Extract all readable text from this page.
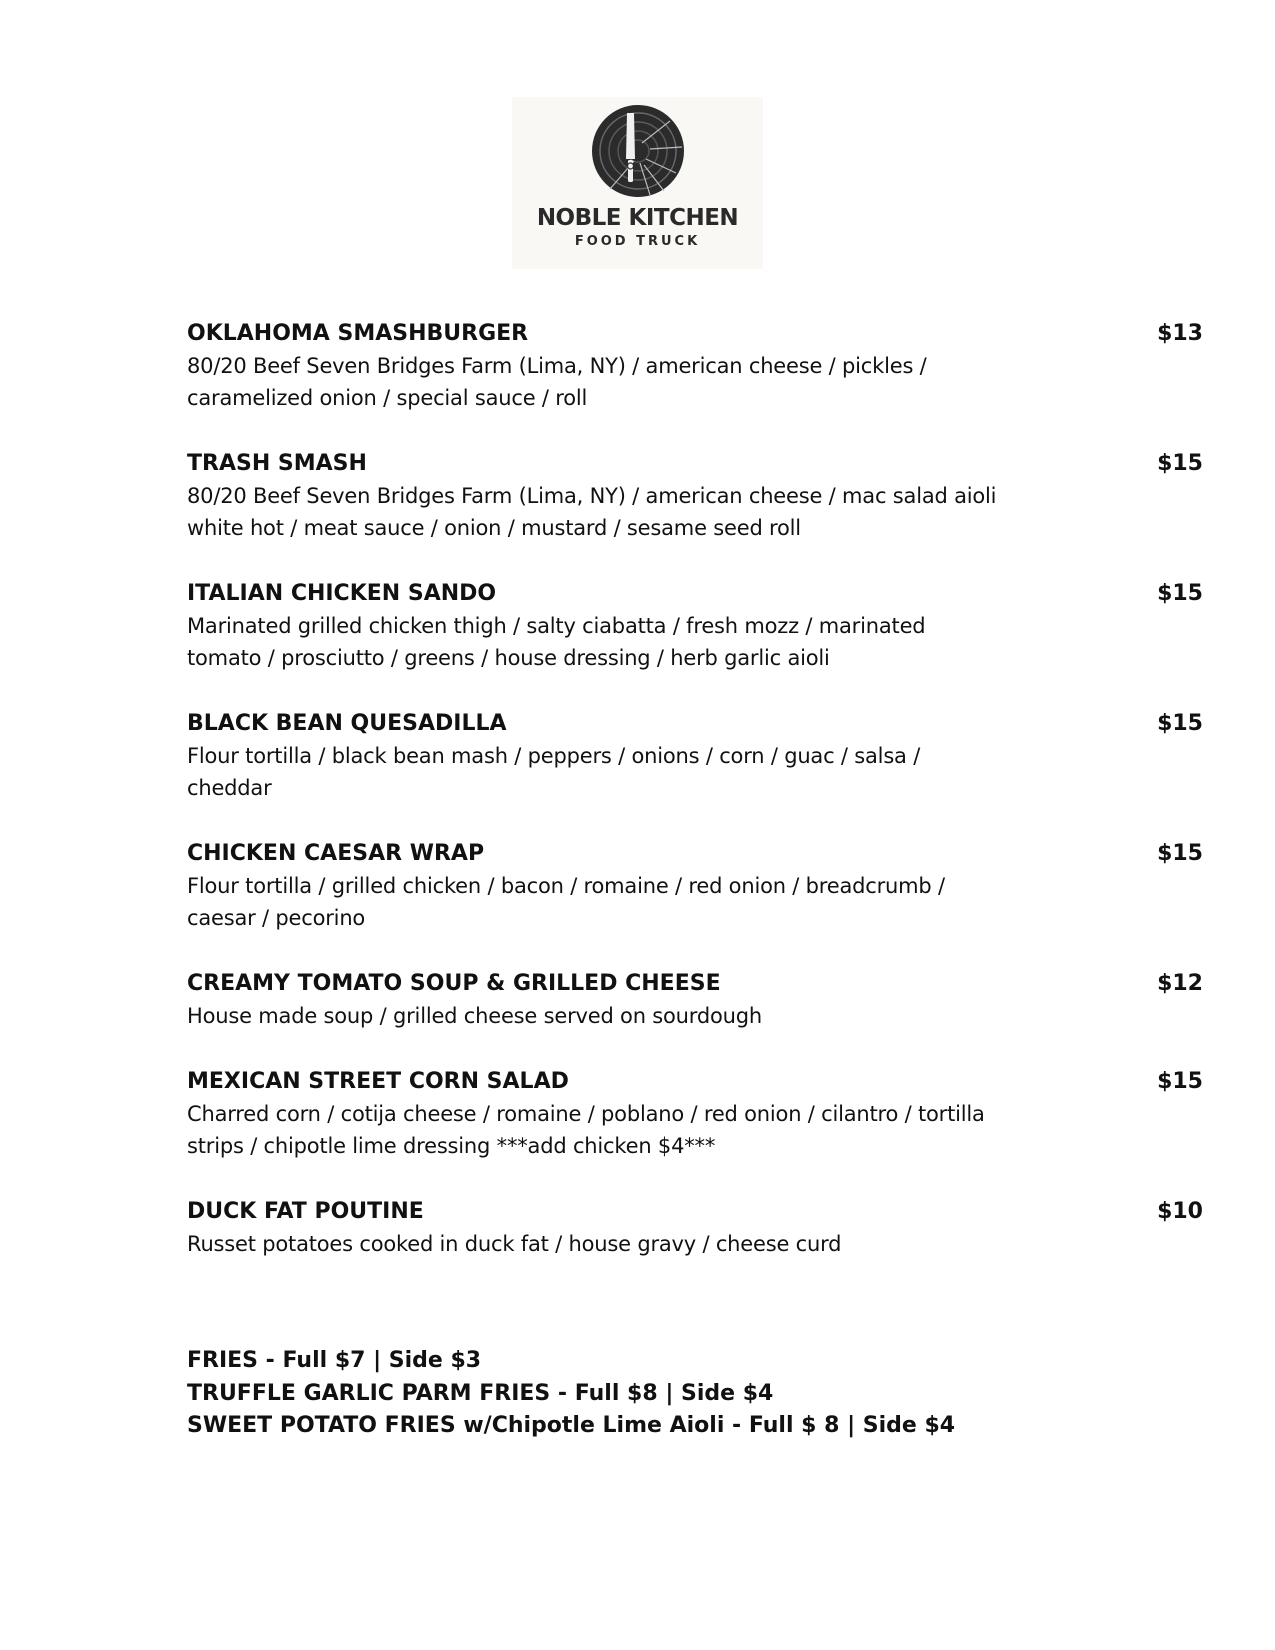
NOBLE KITCHEN
FOOD TRUCK
OKLAHOMA SMASHBURGER	$13
80/20 Beef Seven Bridges Farm (Lima, NY) / american cheese / pickles /
caramelized onion / special sauce / roll
TRASH SMASH	$15
80/20 Beef Seven Bridges Farm (Lima, NY) / american cheese / mac salad aioli
white hot / meat sauce / onion / mustard / sesame seed roll
ITALIAN CHICKEN SANDO	$15
Marinated grilled chicken thigh / salty ciabatta / fresh mozz / marinated
tomato / prosciutto / greens / house dressing / herb garlic aioli
BLACK BEAN QUESADILLA	$15
Flour tortilla / black bean mash / peppers / onions / corn / guac / salsa /
cheddar
CHICKEN CAESAR WRAP	$15
Flour tortilla / grilled chicken / bacon / romaine / red onion / breadcrumb /
caesar / pecorino
CREAMY TOMATO SOUP & GRILLED CHEESE	$12
House made soup / grilled cheese served on sourdough
MEXICAN STREET CORN SALAD	$15
Charred corn / cotija cheese / romaine / poblano / red onion / cilantro / tortilla
strips / chipotle lime dressing ***add chicken $4***
DUCK FAT POUTINE	$10
Russet potatoes cooked in duck fat / house gravy / cheese curd
FRIES - Full $7 | Side $3
TRUFFLE GARLIC PARM FRIES - Full $8 | Side $4
SWEET POTATO FRIES w/Chipotle Lime Aioli - Full $ 8 | Side $4
